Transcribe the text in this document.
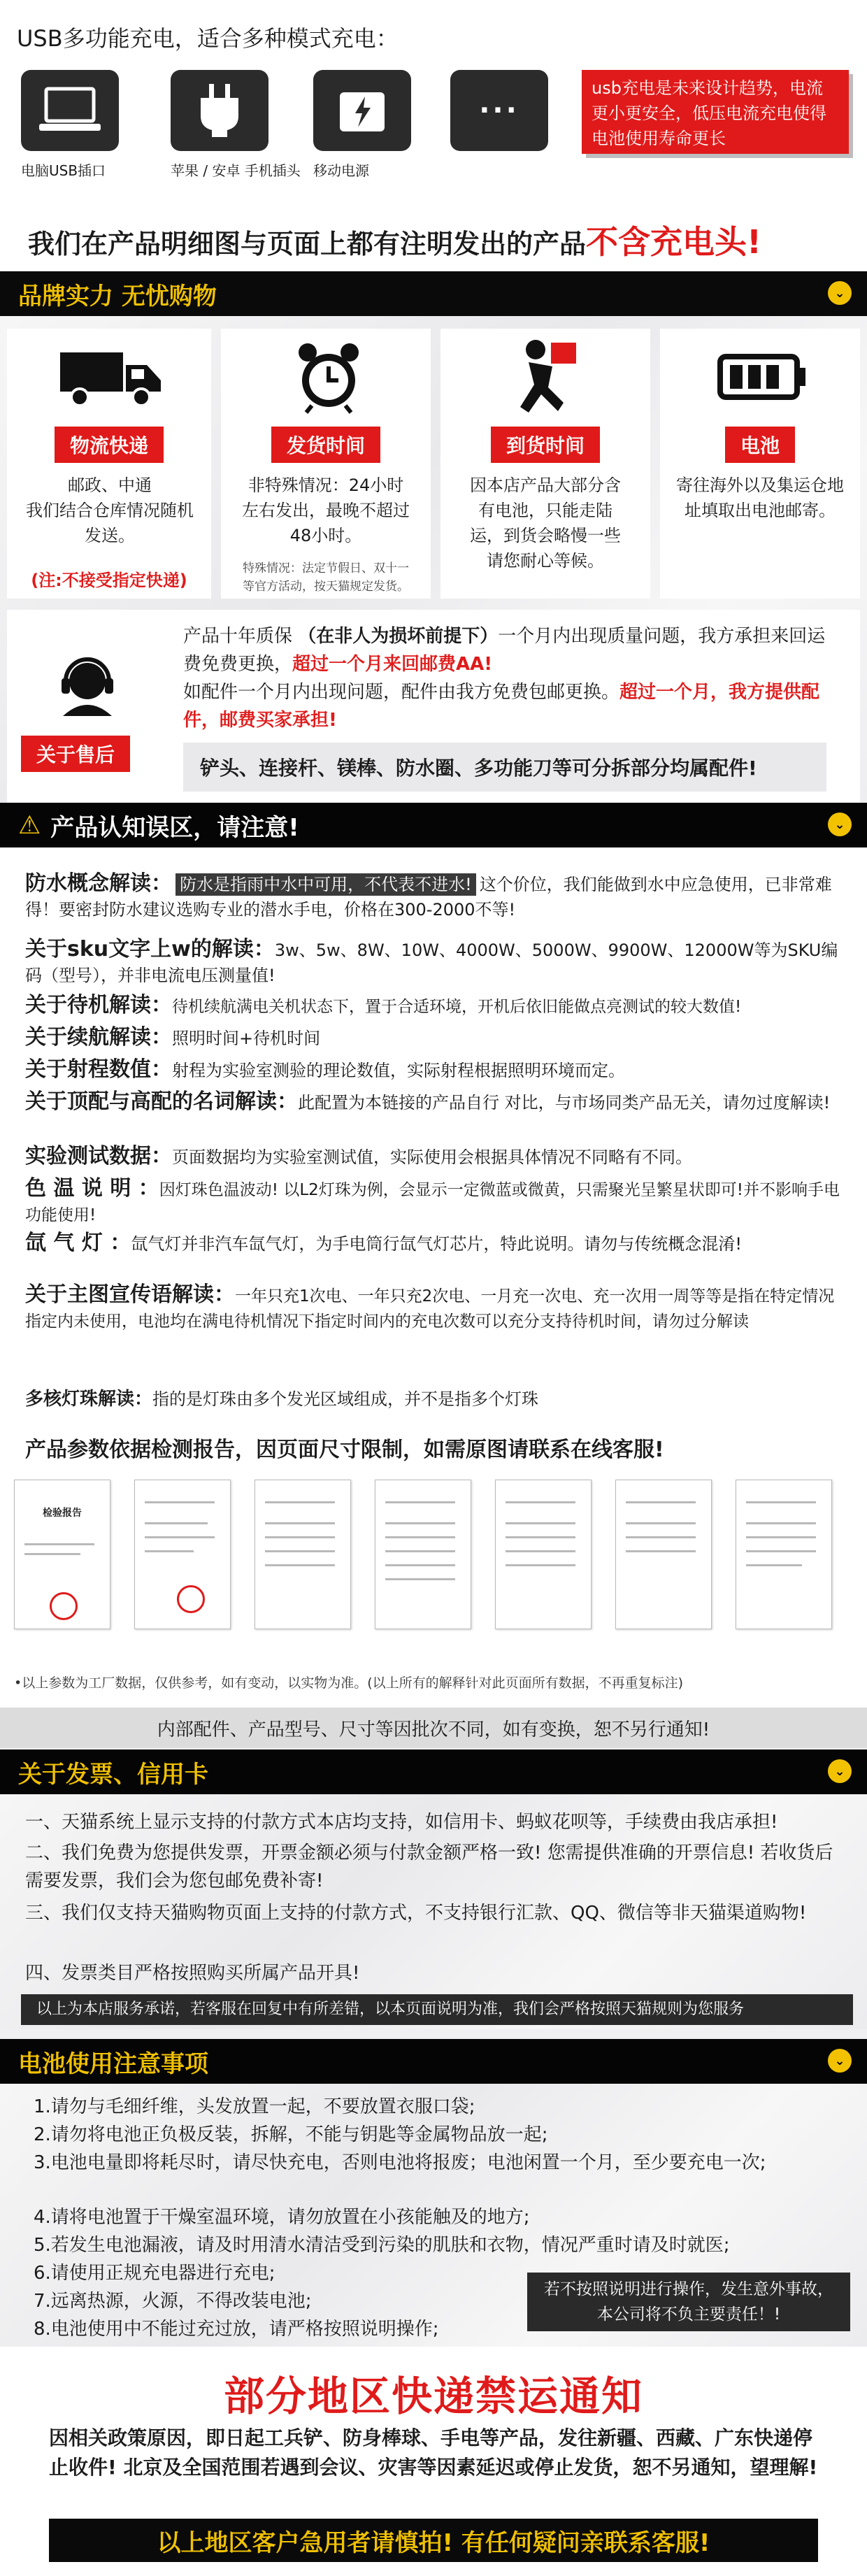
USB多功能充电，适合多种模式充电：
电脑USB插口	苹果 / 安卓 手机插头 移动电源
···
usb充电是未来设计趋势，电流更小更安全，低压电流充电使得电池使用寿命更长
我们在产品明细图与页面上都有注明发出的产品不含充电头!
品牌实力 无忧购物	⌄
物流快递
邮政、中通
我们结合仓库情况随机发送。
(注:不接受指定快递)
发货时间
非特殊情况：24小时左右发出，最晚不超过48小时。
特殊情况：法定节假日、双十一等官方活动，按天猫规定发货。
到货时间
因本店产品大部分含有电池，只能走陆运，到货会略慢一些请您耐心等候。
电池
寄往海外以及集运仓地址填取出电池邮寄。
关于售后
产品十年质保 （在非人为损坏前提下）一个月内出现质量问题，我方承担来回运费免费更换，超过一个月来回邮费AA!
如配件一个月内出现问题，配件由我方免费包邮更换。超过一个月，我方提供配件，邮费买家承担!
铲头、连接杆、镁棒、防水圈、多功能刀等可分拆部分均属配件!
⚠ 产品认知误区，请注意!	⌄
防水概念解读： 防水是指雨中水中可用，不代表不进水! 这个价位，我们能做到水中应急使用，已非常难得！要密封防水建议选购专业的潜水手电，价格在300-2000不等!
关于sku文字上w的解读：3w、5w、8W、10W、4000W、5000W、9900W、12000W等为SKU编码（型号），并非电流电压测量值!
关于待机解读：待机续航满电关机状态下，置于合适环境，开机后依旧能做点亮测试的较大数值!
关于续航解读：照明时间+待机时间
关于射程数值：射程为实验室测验的理论数值，实际射程根据照明环境而定。
关于顶配与高配的名词解读：此配置为本链接的产品自行 对比，与市场同类产品无关，请勿过度解读!
实验测试数据：页面数据均为实验室测试值，实际使用会根据具体情况不同略有不同。
色 温 说 明 ：因灯珠色温波动! 以L2灯珠为例，会显示一定微蓝或微黄，只需聚光呈繁星状即可!并不影响手电功能使用!
氙 气 灯 ：氙气灯并非汽车氙气灯，为手电筒行氙气灯芯片，特此说明。请勿与传统概念混淆!
关于主图宣传语解读：一年只充1次电、一年只充2次电、一月充一次电、充一次用一周等等是指在特定情况指定内未使用，电池均在满电待机情况下指定时间内的充电次数可以充分支持待机时间，请勿过分解读
多核灯珠解读：指的是灯珠由多个发光区域组成，并不是指多个灯珠
产品参数依据检测报告，因页面尺寸限制，如需原图请联系在线客服!
检验报告
•以上参数为工厂数据，仅供参考，如有变动，以实物为准。(以上所有的解释针对此页面所有数据，不再重复标注)
内部配件、产品型号、尺寸等因批次不同，如有变换，恕不另行通知!
关于发票、信用卡	⌄
一、天猫系统上显示支持的付款方式本店均支持，如信用卡、蚂蚁花呗等，手续费由我店承担!
二、我们免费为您提供发票，开票金额必须与付款金额严格一致! 您需提供准确的开票信息! 若收货后需要发票，我们会为您包邮免费补寄!
三、我们仅支持天猫购物页面上支持的付款方式，不支持银行汇款、QQ、微信等非天猫渠道购物!
四、发票类目严格按照购买所属产品开具!
以上为本店服务承诺，若客服在回复中有所差错，以本页面说明为准，我们会严格按照天猫规则为您服务
电池使用注意事项	⌄
1.请勿与毛细纤维，头发放置一起，不要放置衣服口袋;
2.请勿将电池正负极反装，拆解，不能与钥匙等金属物品放一起;
3.电池电量即将耗尽时，请尽快充电，否则电池将报废；电池闲置一个月，至少要充电一次;
4.请将电池置于干燥室温环境，请勿放置在小孩能触及的地方;
5.若发生电池漏液，请及时用清水清洁受到污染的肌肤和衣物，情况严重时请及时就医;
6.请使用正规充电器进行充电;
7.远离热源，火源，不得改装电池;
8.电池使用中不能过充过放，请严格按照说明操作;
若不按照说明进行操作，发生意外事故，本公司将不负主要责任！!
部分地区快递禁运通知
因相关政策原因，即日起工兵铲、防身棒球、手电等产品，发往新疆、西藏、广东快递停止收件! 北京及全国范围若遇到会议、灾害等因素延迟或停止发货，恕不另通知，望理解!
以上地区客户急用者请慎拍! 有任何疑问亲联系客服!
